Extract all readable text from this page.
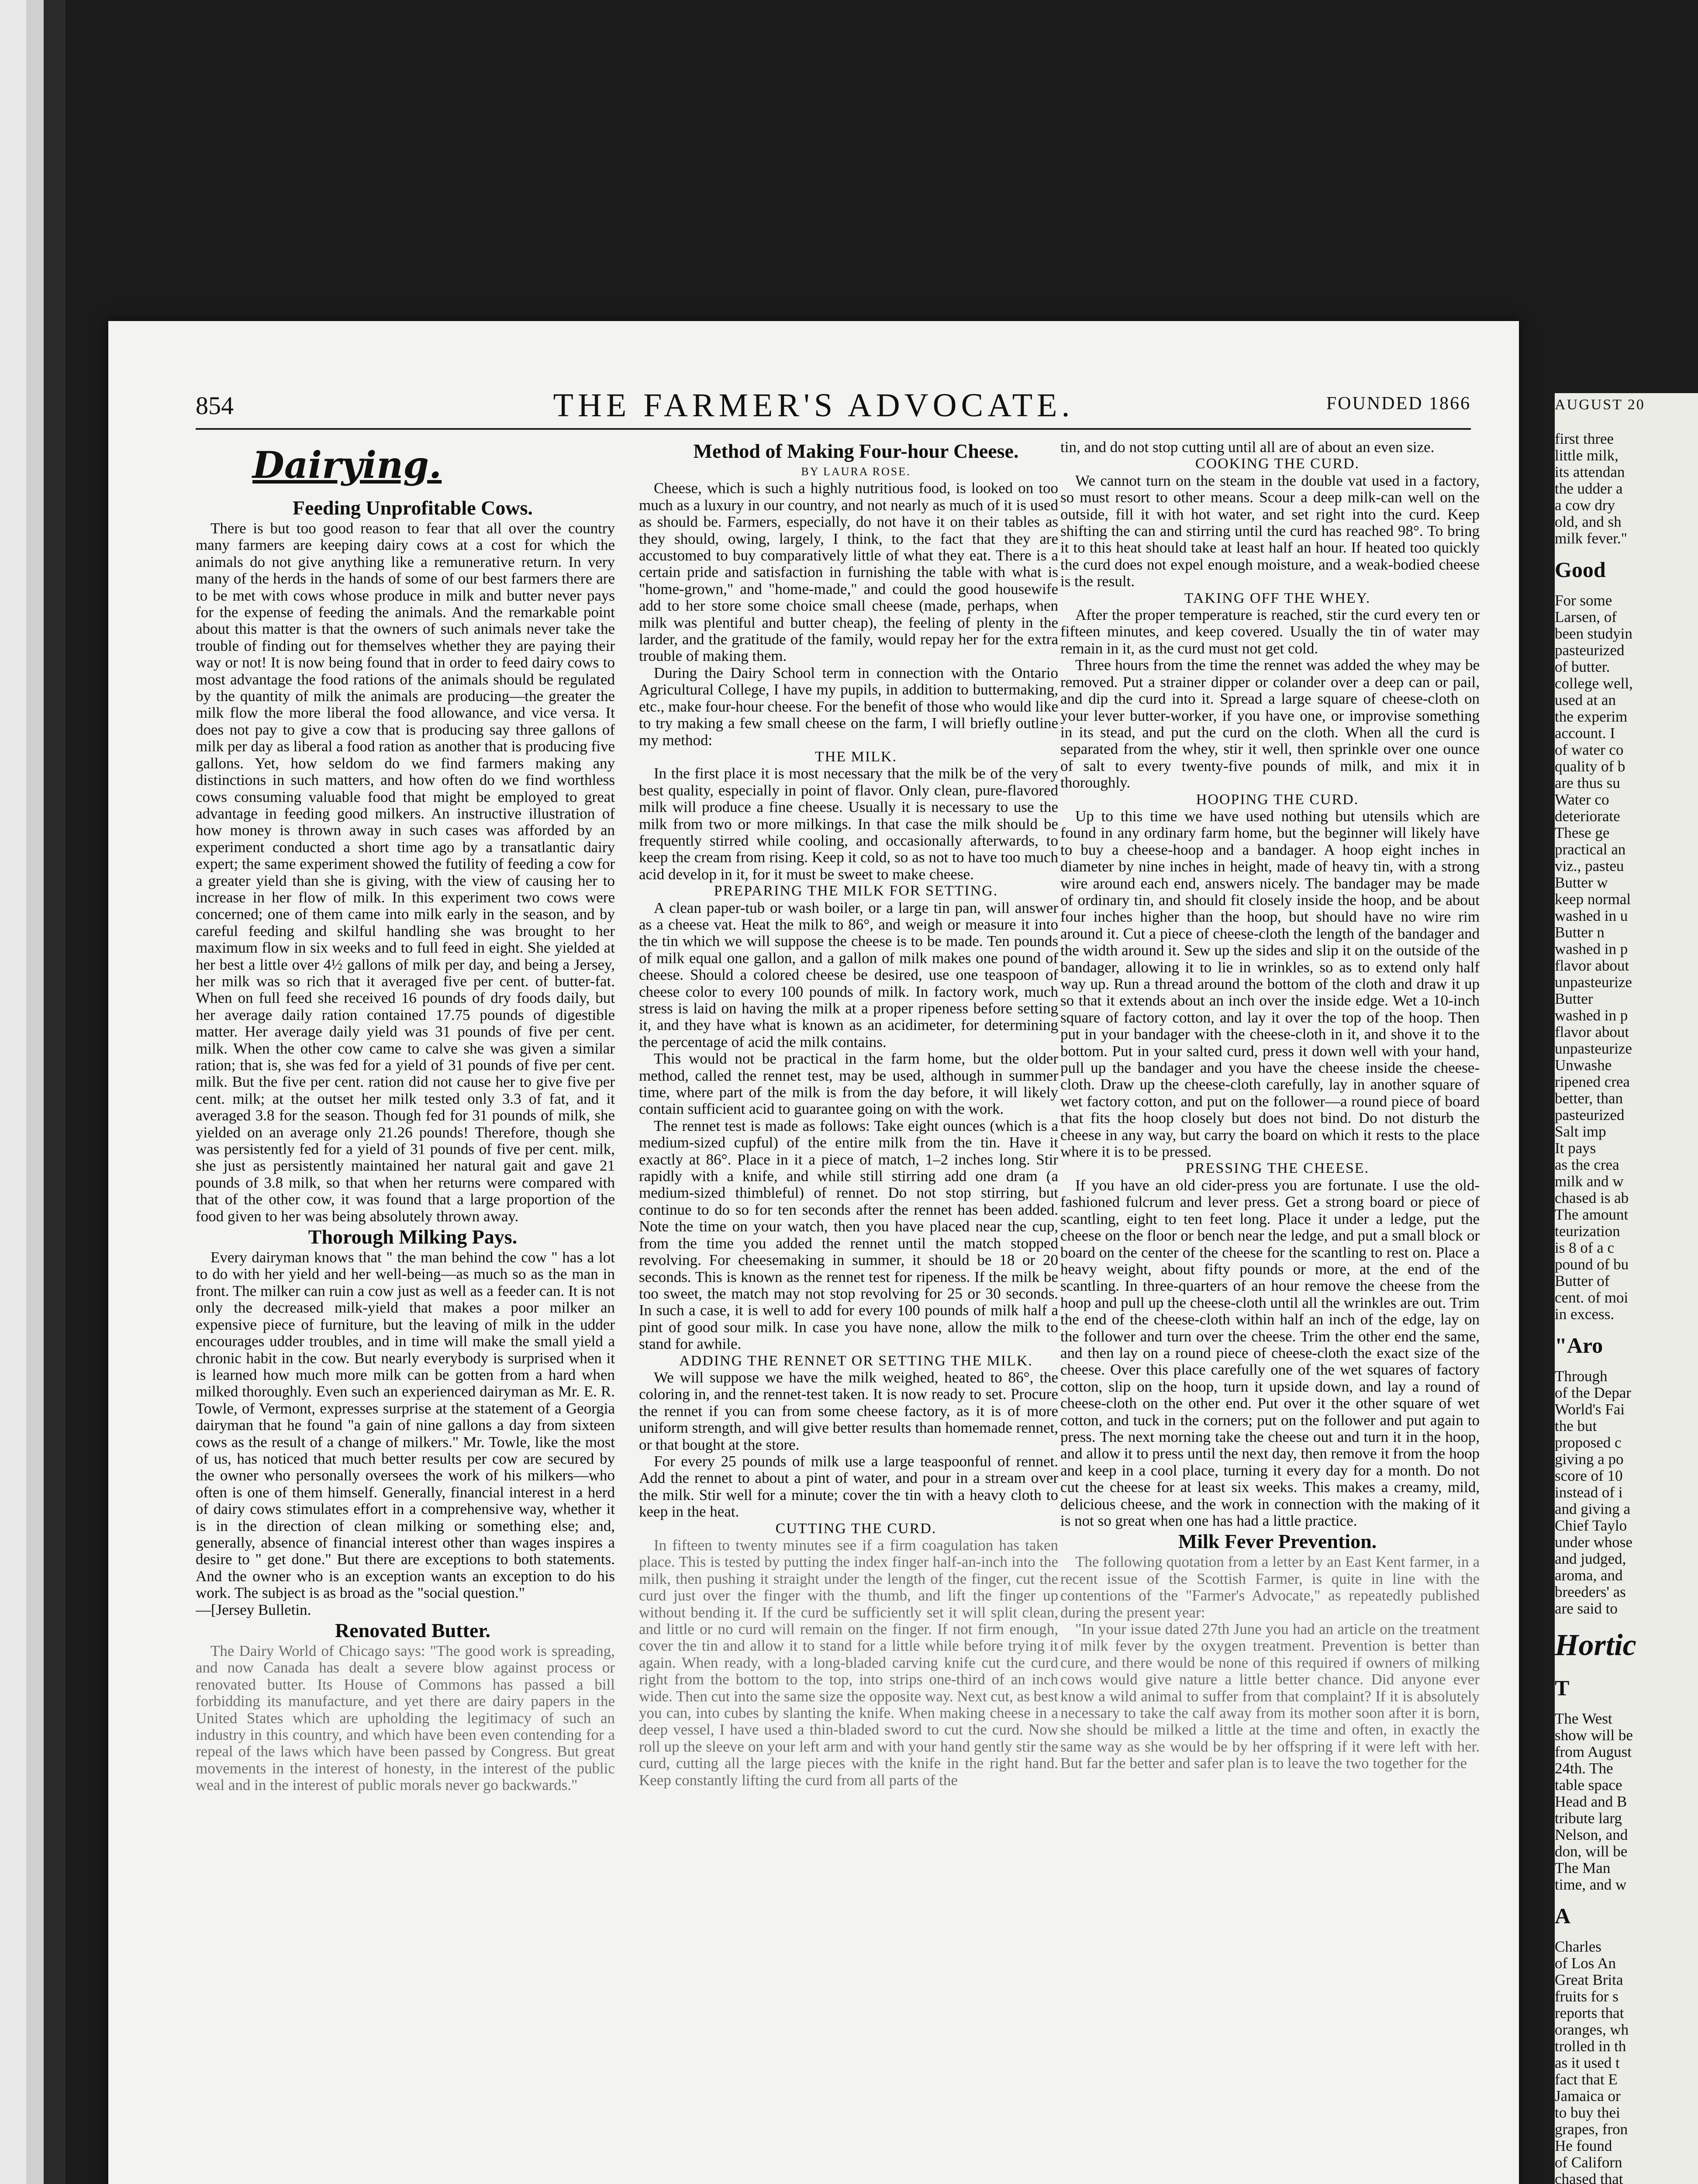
854	THE FARMER'S ADVOCATE.	FOUNDED 1866
Dairying.

Feeding Unprofitable Cows.

There is but too good reason to fear that all over the country many farmers are keeping dairy cows at a cost for which the animals do not give anything like a remunerative return. In very many of the herds in the hands of some of our best farmers there are to be met with cows whose produce in milk and butter never pays for the expense of feeding the animals. And the remarkable point about this matter is that the owners of such animals never take the trouble of finding out for themselves whether they are paying their way or not! It is now being found that in order to feed dairy cows to most advantage the food rations of the animals should be regulated by the quantity of milk the animals are producing—the greater the milk flow the more liberal the food allowance, and vice versa. It does not pay to give a cow that is producing say three gallons of milk per day as liberal a food ration as another that is producing five gallons. Yet, how seldom do we find farmers making any distinctions in such matters, and how often do we find worthless cows consuming valuable food that might be employed to great advantage in feeding good milkers. An instructive illustration of how money is thrown away in such cases was afforded by an experiment conducted a short time ago by a transatlantic dairy expert; the same experiment showed the futility of feeding a cow for a greater yield than she is giving, with the view of causing her to increase in her flow of milk. In this experiment two cows were concerned; one of them came into milk early in the season, and by careful feeding and skilful handling she was brought to her maximum flow in six weeks and to full feed in eight. She yielded at her best a little over 4½ gallons of milk per day, and being a Jersey, her milk was so rich that it averaged five per cent. of butter-fat. When on full feed she received 16 pounds of dry foods daily, but her average daily ration contained 17.75 pounds of digestible matter. Her average daily yield was 31 pounds of five per cent. milk. When the other cow came to calve she was given a similar ration; that is, she was fed for a yield of 31 pounds of five per cent. milk. But the five per cent. ration did not cause her to give five per cent. milk; at the outset her milk tested only 3.3 of fat, and it averaged 3.8 for the season. Though fed for 31 pounds of milk, she yielded on an average only 21.26 pounds! Therefore, though she was persistently fed for a yield of 31 pounds of five per cent. milk, she just as persistently maintained her natural gait and gave 21 pounds of 3.8 milk, so that when her returns were compared with that of the other cow, it was found that a large proportion of the food given to her was being absolutely thrown away.

Thorough Milking Pays.

Every dairyman knows that " the man behind the cow " has a lot to do with her yield and her well-being—as much so as the man in front. The milker can ruin a cow just as well as a feeder can. It is not only the decreased milk-yield that makes a poor milker an expensive piece of furniture, but the leaving of milk in the udder encourages udder troubles, and in time will make the small yield a chronic habit in the cow. But nearly everybody is surprised when it is learned how much more milk can be gotten from a hard when milked thoroughly. Even such an experienced dairyman as Mr. E. R. Towle, of Vermont, expresses surprise at the statement of a Georgia dairyman that he found "a gain of nine gallons a day from sixteen cows as the result of a change of milkers." Mr. Towle, like the most of us, has noticed that much better results per cow are secured by the owner who personally oversees the work of his milkers—who often is one of them himself. Generally, financial interest in a herd of dairy cows stimulates effort in a comprehensive way, whether it is in the direction of clean milking or something else; and, generally, absence of financial interest other than wages inspires a desire to " get done." But there are exceptions to both statements. And the owner who is an exception wants an exception to do his work. The subject is as broad as the "social question."

—[Jersey Bulletin.

Renovated Butter.

The Dairy World of Chicago says: "The good work is spreading, and now Canada has dealt a severe blow against process or renovated butter. Its House of Commons has passed a bill forbidding its manufacture, and yet there are dairy papers in the United States which are upholding the legitimacy of such an industry in this country, and which have been even contending for a repeal of the laws which have been passed by Congress. But great movements in the interest of honesty, in the interest of the public weal and in the interest of public morals never go backwards."

Method of Making Four-hour Cheese.

BY LAURA ROSE.

Cheese, which is such a highly nutritious food, is looked on too much as a luxury in our country, and not nearly as much of it is used as should be. Farmers, especially, do not have it on their tables as they should, owing, largely, I think, to the fact that they are accustomed to buy comparatively little of what they eat. There is a certain pride and satisfaction in furnishing the table with what is "home-grown," and "home-made," and could the good housewife add to her store some choice small cheese (made, perhaps, when milk was plentiful and butter cheap), the feeling of plenty in the larder, and the gratitude of the family, would repay her for the extra trouble of making them.

During the Dairy School term in connection with the Ontario Agricultural College, I have my pupils, in addition to buttermaking, etc., make four-hour cheese. For the benefit of those who would like to try making a few small cheese on the farm, I will briefly outline my method:

THE MILK.

In the first place it is most necessary that the milk be of the very best quality, especially in point of flavor. Only clean, pure-flavored milk will produce a fine cheese. Usually it is necessary to use the milk from two or more milkings. In that case the milk should be frequently stirred while cooling, and occasionally afterwards, to keep the cream from rising. Keep it cold, so as not to have too much acid develop in it, for it must be sweet to make cheese.

PREPARING THE MILK FOR SETTING.

A clean paper-tub or wash boiler, or a large tin pan, will answer as a cheese vat. Heat the milk to 86°, and weigh or measure it into the tin which we will suppose the cheese is to be made. Ten pounds of milk equal one gallon, and a gallon of milk makes one pound of cheese. Should a colored cheese be desired, use one teaspoon of cheese color to every 100 pounds of milk. In factory work, much stress is laid on having the milk at a proper ripeness before setting it, and they have what is known as an acidimeter, for determining the percentage of acid the milk contains.

This would not be practical in the farm home, but the older method, called the rennet test, may be used, although in summer time, where part of the milk is from the day before, it will likely contain sufficient acid to guarantee going on with the work.

The rennet test is made as follows: Take eight ounces (which is a medium-sized cupful) of the entire milk from the tin. Have it exactly at 86°. Place in it a piece of match, 1–2 inches long. Stir rapidly with a knife, and while still stirring add one dram (a medium-sized thimbleful) of rennet. Do not stop stirring, but continue to do so for ten seconds after the rennet has been added. Note the time on your watch, then you have placed near the cup, from the time you added the rennet until the match stopped revolving. For cheesemaking in summer, it should be 18 or 20 seconds. This is known as the rennet test for ripeness. If the milk be too sweet, the match may not stop revolving for 25 or 30 seconds. In such a case, it is well to add for every 100 pounds of milk half a pint of good sour milk. In case you have none, allow the milk to stand for awhile.

ADDING THE RENNET OR SETTING THE MILK.

We will suppose we have the milk weighed, heated to 86°, the coloring in, and the rennet-test taken. It is now ready to set. Procure the rennet if you can from some cheese factory, as it is of more uniform strength, and will give better results than homemade rennet, or that bought at the store.

For every 25 pounds of milk use a large teaspoonful of rennet. Add the rennet to about a pint of water, and pour in a stream over the milk. Stir well for a minute; cover the tin with a heavy cloth to keep in the heat.

CUTTING THE CURD.

In fifteen to twenty minutes see if a firm coagulation has taken place. This is tested by putting the index finger half-an-inch into the milk, then pushing it straight under the length of the finger, cut the curd just over the finger with the thumb, and lift the finger up without bending it. If the curd be sufficiently set it will split clean, and little or no curd will remain on the finger. If not firm enough, cover the tin and allow it to stand for a little while before trying it again. When ready, with a long-bladed carving knife cut the curd right from the bottom to the top, into strips one-third of an inch wide. Then cut into the same size the opposite way. Next cut, as best you can, into cubes by slanting the knife. When making cheese in a deep vessel, I have used a thin-bladed sword to cut the curd. Now roll up the sleeve on your left arm and with your hand gently stir the curd, cutting all the large pieces with the knife in the right hand. Keep constantly lifting the curd from all parts of the

tin, and do not stop cutting until all are of about an even size.

COOKING THE CURD.

We cannot turn on the steam in the double vat used in a factory, so must resort to other means. Scour a deep milk-can well on the outside, fill it with hot water, and set right into the curd. Keep shifting the can and stirring until the curd has reached 98°. To bring it to this heat should take at least half an hour. If heated too quickly the curd does not expel enough moisture, and a weak-bodied cheese is the result.

TAKING OFF THE WHEY.

After the proper temperature is reached, stir the curd every ten or fifteen minutes, and keep covered. Usually the tin of water may remain in it, as the curd must not get cold.

Three hours from the time the rennet was added the whey may be removed. Put a strainer dipper or colander over a deep can or pail, and dip the curd into it. Spread a large square of cheese-cloth on your lever butter-worker, if you have one, or improvise something in its stead, and put the curd on the cloth. When all the curd is separated from the whey, stir it well, then sprinkle over one ounce of salt to every twenty-five pounds of milk, and mix it in thoroughly.

HOOPING THE CURD.

Up to this time we have used nothing but utensils which are found in any ordinary farm home, but the beginner will likely have to buy a cheese-hoop and a bandager. A hoop eight inches in diameter by nine inches in height, made of heavy tin, with a strong wire around each end, answers nicely. The bandager may be made of ordinary tin, and should fit closely inside the hoop, and be about four inches higher than the hoop, but should have no wire rim around it. Cut a piece of cheese-cloth the length of the bandager and the width around it. Sew up the sides and slip it on the outside of the bandager, allowing it to lie in wrinkles, so as to extend only half way up. Run a thread around the bottom of the cloth and draw it up so that it extends about an inch over the inside edge. Wet a 10-inch square of factory cotton, and lay it over the top of the hoop. Then put in your bandager with the cheese-cloth in it, and shove it to the bottom. Put in your salted curd, press it down well with your hand, pull up the bandager and you have the cheese inside the cheese-cloth. Draw up the cheese-cloth carefully, lay in another square of wet factory cotton, and put on the follower—a round piece of board that fits the hoop closely but does not bind. Do not disturb the cheese in any way, but carry the board on which it rests to the place where it is to be pressed.

PRESSING THE CHEESE.

If you have an old cider-press you are fortunate. I use the old-fashioned fulcrum and lever press. Get a strong board or piece of scantling, eight to ten feet long. Place it under a ledge, put the cheese on the floor or bench near the ledge, and put a small block or board on the center of the cheese for the scantling to rest on. Place a heavy weight, about fifty pounds or more, at the end of the scantling. In three-quarters of an hour remove the cheese from the hoop and pull up the cheese-cloth until all the wrinkles are out. Trim the end of the cheese-cloth within half an inch of the edge, lay on the follower and turn over the cheese. Trim the other end the same, and then lay on a round piece of cheese-cloth the exact size of the cheese. Over this place carefully one of the wet squares of factory cotton, slip on the hoop, turn it upside down, and lay a round of cheese-cloth on the other end. Put over it the other square of wet cotton, and tuck in the corners; put on the follower and put again to press. The next morning take the cheese out and turn it in the hoop, and allow it to press until the next day, then remove it from the hoop and keep in a cool place, turning it every day for a month. Do not cut the cheese for at least six weeks. This makes a creamy, mild, delicious cheese, and the work in connection with the making of it is not so great when one has had a little practice.

Milk Fever Prevention.

The following quotation from a letter by an East Kent farmer, in a recent issue of the Scottish Farmer, is quite in line with the contentions of the "Farmer's Advocate," as repeatedly published during the present year:

"In your issue dated 27th June you had an article on the treatment of milk fever by the oxygen treatment. Prevention is better than cure, and there would be none of this required if owners of milking cows would give nature a little better chance. Did anyone ever know a wild animal to suffer from that complaint? If it is absolutely necessary to take the calf away from its mother soon after it is born, she should be milked a little at the time and often, in exactly the same way as she would be by her offspring if it were left with her. But far the better and safer plan is to leave the two together for the

AUGUST 20
first three
little milk,
its attendan
the udder a
a cow dry
old, and sh
milk fever."
Good
For some
Larsen, of
been studyin
pasteurized
of butter.
college well,
used at an
the experim
account. I
of water co
quality of b
are thus su
Water co
deteriorate
These ge
practical an
viz., pasteu
Butter w
keep normal
washed in u
Butter n
washed in p
flavor about
unpasteurize
Butter
washed in p
flavor about
unpasteurize
Unwashe
ripened crea
better, than
pasteurized
Salt imp
It pays
as the crea
milk and w
chased is ab
The amount
teurization
is 8 of a c
pound of bu
Butter of
cent. of moi
in excess.
"Aro
Through
of the Depar
World's Fai
the but
proposed c
giving a po
score of 10
instead of i
and giving a
Chief Taylo
under whose
and judged,
aroma, and
breeders' as
are said to
Hortic
T
The West
show will be
from August
24th. The
table space
Head and B
tribute larg
Nelson, and
don, will be
The Man
time, and w
A
Charles
of Los An
Great Brita
fruits for s
reports that
oranges, wh
trolled in th
as it used t
fact that E
Jamaica or
to buy thei
grapes, fron
He found
of Californ
chased that
